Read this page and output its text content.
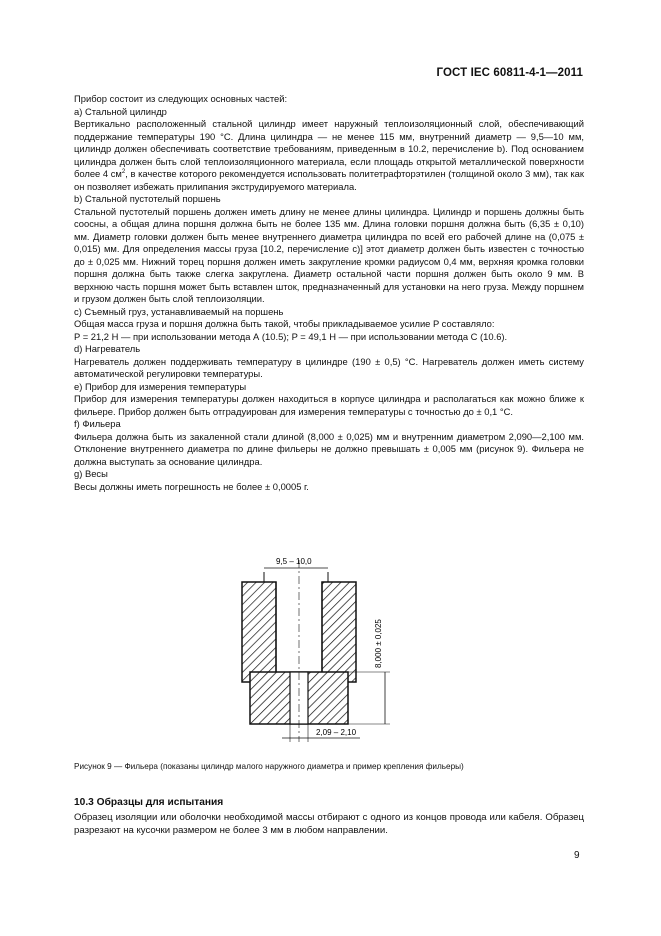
ГОСТ IEC 60811-4-1—2011

Прибор состоит из следующих основных частей:

a) Стальной цилиндр

Вертикально расположенный стальной цилиндр имеет наружный теплоизоляционный слой, обеспечивающий поддержание температуры 190 °C. Длина цилиндра — не менее 115 мм, внутренний диаметр — 9,5—10 мм, цилиндр должен обеспечивать соответствие требованиям, приведенным в 10.2, перечисление b). Под основанием цилиндра должен быть слой теплоизоляционного материала, если площадь открытой металлической поверхности более 4 $см^2$, в качестве которого рекомендуется использовать политетрафторэтилен (толщиной около 3 мм), так как он позволяет избежать прилипания экструдируемого материала.

b) Стальной пустотелый поршень

Стальной пустотелый поршень должен иметь длину не менее длины цилиндра. Цилиндр и поршень должны быть соосны, а общая длина поршня должна быть не более 135 мм. Длина головки поршня должна быть (6,35 ± 0,10) мм. Диаметр головки должен быть менее внутреннего диаметра цилиндра по всей его рабочей длине на (0,075 ± 0,015) мм. Для определения массы груза [10.2, перечисление c)] этот диаметр должен быть известен с точностью до ± 0,025 мм. Нижний торец поршня должен иметь закругление кромки радиусом 0,4 мм, верхняя кромка головки поршня должна быть также слегка закруглена. Диаметр остальной части поршня должен быть около 9 мм. В верхнюю часть поршня может быть вставлен шток, предназначенный для установки на него груза. Между поршнем и грузом должен быть слой теплоизоляции.

c) Съемный груз, устанавливаемый на поршень

Общая масса груза и поршня должна быть такой, чтобы прикладываемое усилие P составляло:

P = 21,2 Н — при использовании метода А (10.5); P = 49,1 Н — при использовании метода С (10.6).

d) Нагреватель

Нагреватель должен поддерживать температуру в цилиндре (190 ± 0,5) °C. Нагреватель должен иметь систему автоматической регулировки температуры.

e) Прибор для измерения температуры

Прибор для измерения температуры должен находиться в корпусе цилиндра и располагаться как можно ближе к фильере. Прибор должен быть отградуирован для измерения температуры с точностью до ± 0,1 °C.

f) Фильера

Фильера должна быть из закаленной стали длиной (8,000 ± 0,025) мм и внутренним диаметром 2,090—2,100 мм. Отклонение внутреннего диаметра по длине фильеры не должно превышать ± 0,005 мм (рисунок 9). Фильера не должна выступать за основание цилиндра.

g) Весы

Весы должны иметь погрешность не более ± 0,0005 г.

9,5 – 10,0
8,000 ± 0,025
2,09 – 2,10
Рисунок 9 — Фильера (показаны цилиндр малого наружного диаметра и пример крепления фильеры)
10.3 Образцы для испытания

Образец изоляции или оболочки необходимой массы отбирают с одного из концов провода или кабеля. Образец разрезают на кусочки размером не более 3 мм в любом направлении.

9
